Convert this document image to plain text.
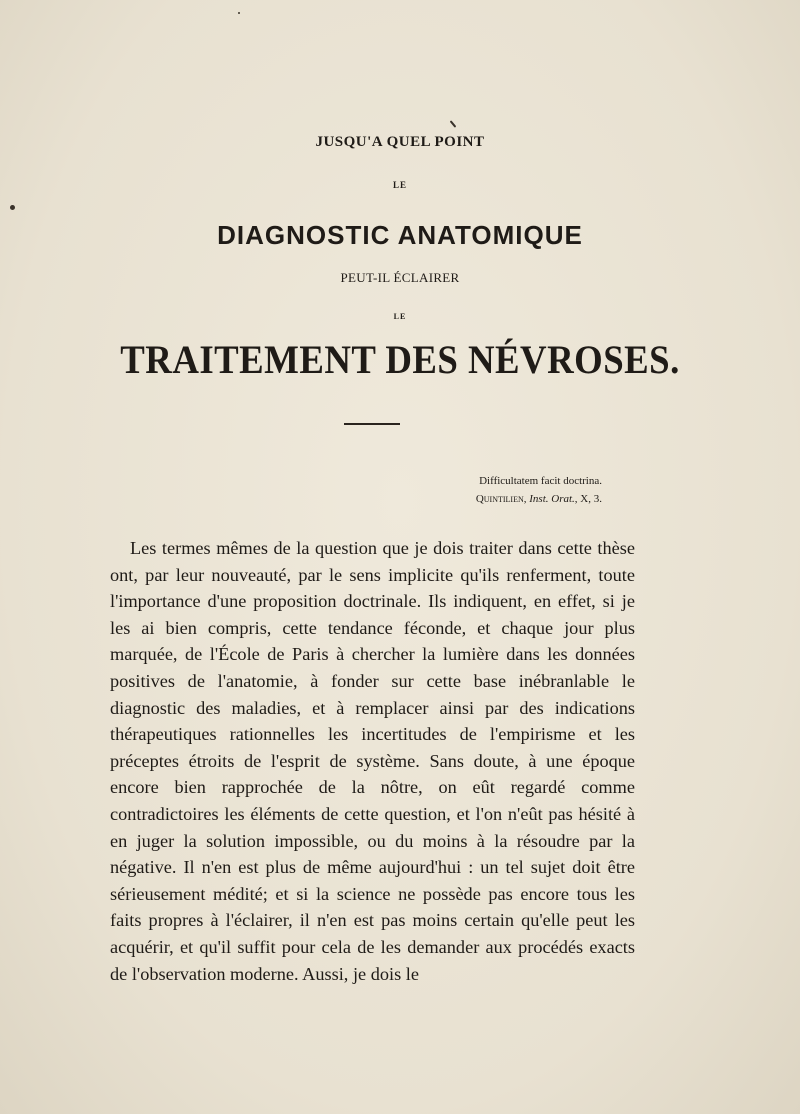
JUSQU'A QUEL POINT
LE
DIAGNOSTIC ANATOMIQUE
PEUT-IL ÉCLAIRER
LE
TRAITEMENT DES NÉVROSES.
Difficultatem facit doctrina.
Quintilien, Inst. Orat., X, 3.

Les termes mêmes de la question que je dois traiter dans cette thèse ont, par leur nouveauté, par le sens implicite qu'ils renferment, toute l'importance d'une proposition doctrinale. Ils indiquent, en effet, si je les ai bien compris, cette tendance féconde, et chaque jour plus marquée, de l'École de Paris à chercher la lumière dans les données positives de l'anatomie, à fonder sur cette base inébranlable le diagnostic des maladies, et à remplacer ainsi par des indications thérapeutiques rationnelles les incertitudes de l'empirisme et les préceptes étroits de l'esprit de système. Sans doute, à une époque encore bien rapprochée de la nôtre, on eût regardé comme contradictoires les éléments de cette question, et l'on n'eût pas hésité à en juger la solution impossible, ou du moins à la résoudre par la négative. Il n'en est plus de même aujourd'hui : un tel sujet doit être sérieusement médité; et si la science ne possède pas encore tous les faits propres à l'éclairer, il n'en est pas moins certain qu'elle peut les acquérir, et qu'il suffit pour cela de les demander aux procédés exacts de l'observation moderne. Aussi, je dois le
